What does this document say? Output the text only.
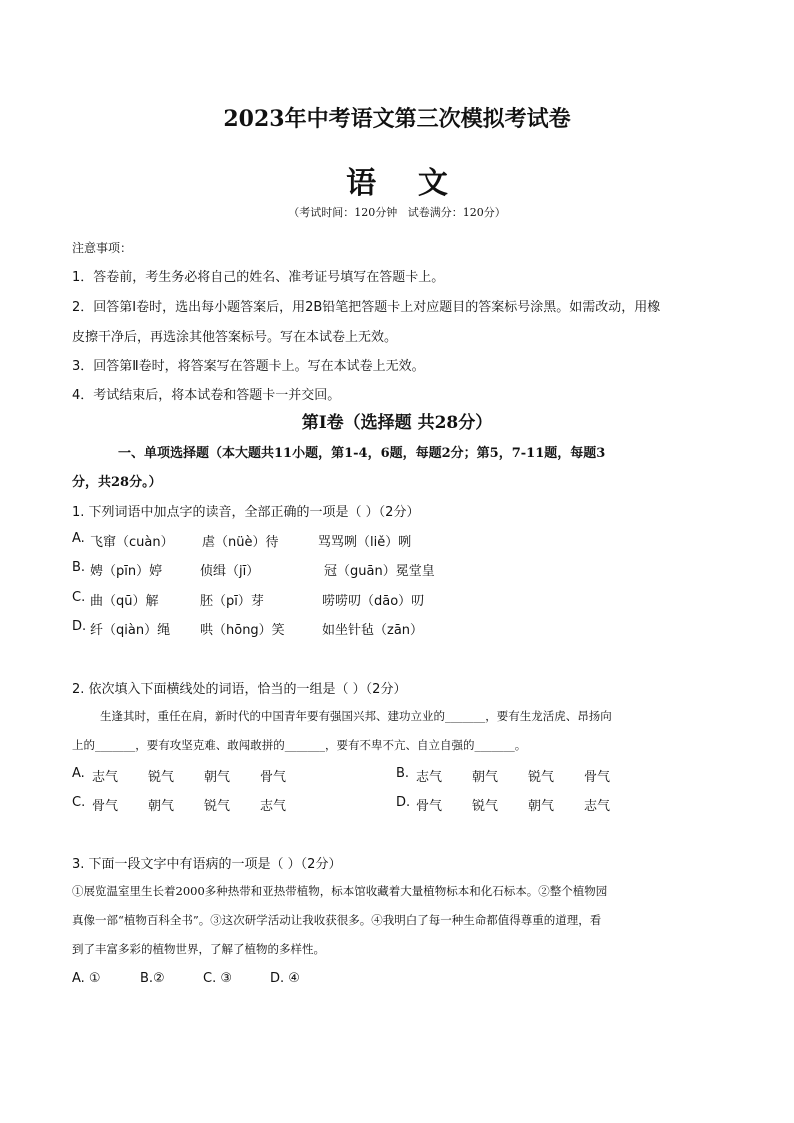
2023年中考语文第三次模拟考试卷
语    文
（考试时间：120分钟   试卷满分：120分）
注意事项：
1．答卷前，考生务必将自己的姓名、准考证号填写在答题卡上。
2．回答第Ⅰ卷时，选出每小题答案后，用2B铅笔把答题卡上对应题目的答案标号涂黑。如需改动，用橡
皮擦干净后，再选涂其他答案标号。写在本试卷上无效。
3．回答第Ⅱ卷时，将答案写在答题卡上。写在本试卷上无效。
4．考试结束后，将本试卷和答题卡一并交回。
第Ⅰ卷（选择题 共28分）
一、单项选择题（本大题共11小题，第1-4，6题，每题2分；第5，7-11题，每题3
分，共28分。）
1. 下列词语中加点字的读音，全部正确的一项是（ ）（2分）
A. 飞窜（cuàn） 虐（nüè）待	骂骂咧（liě）咧
B. 娉（pīn）婷	侦缉（jī）	冠（guān）冕堂皇
C. 曲（qū）解	胚（pī）芽	唠唠叨（dāo）叨
D. 纤（qiàn）绳 哄（hōng）笑	如坐针毡（zān）
2. 依次填入下面横线处的词语，恰当的一组是（ ）（2分）
生逢其时，重任在肩，新时代的中国青年要有强国兴邦、建功立业的_______，要有生龙活虎、昂扬向
上的_______，要有攻坚克难、敢闯敢拼的_______，要有不卑不亢、自立自强的_______。
A. 志气 锐气 朝气 骨气	B. 志气 朝气 锐气 骨气
C. 骨气 朝气 锐气 志气	D. 骨气 锐气 朝气 志气
3. 下面一段文字中有语病的一项是（ ）（2分）
①展览温室里生长着2000多种热带和亚热带植物，标本馆收藏着大量植物标本和化石标本。②整个植物园
真像一部“植物百科全书”。③这次研学活动让我收获很多。④我明白了每一种生命都值得尊重的道理，看
到了丰富多彩的植物世界，了解了植物的多样性。
A. ①	B.②	C. ③	D. ④
